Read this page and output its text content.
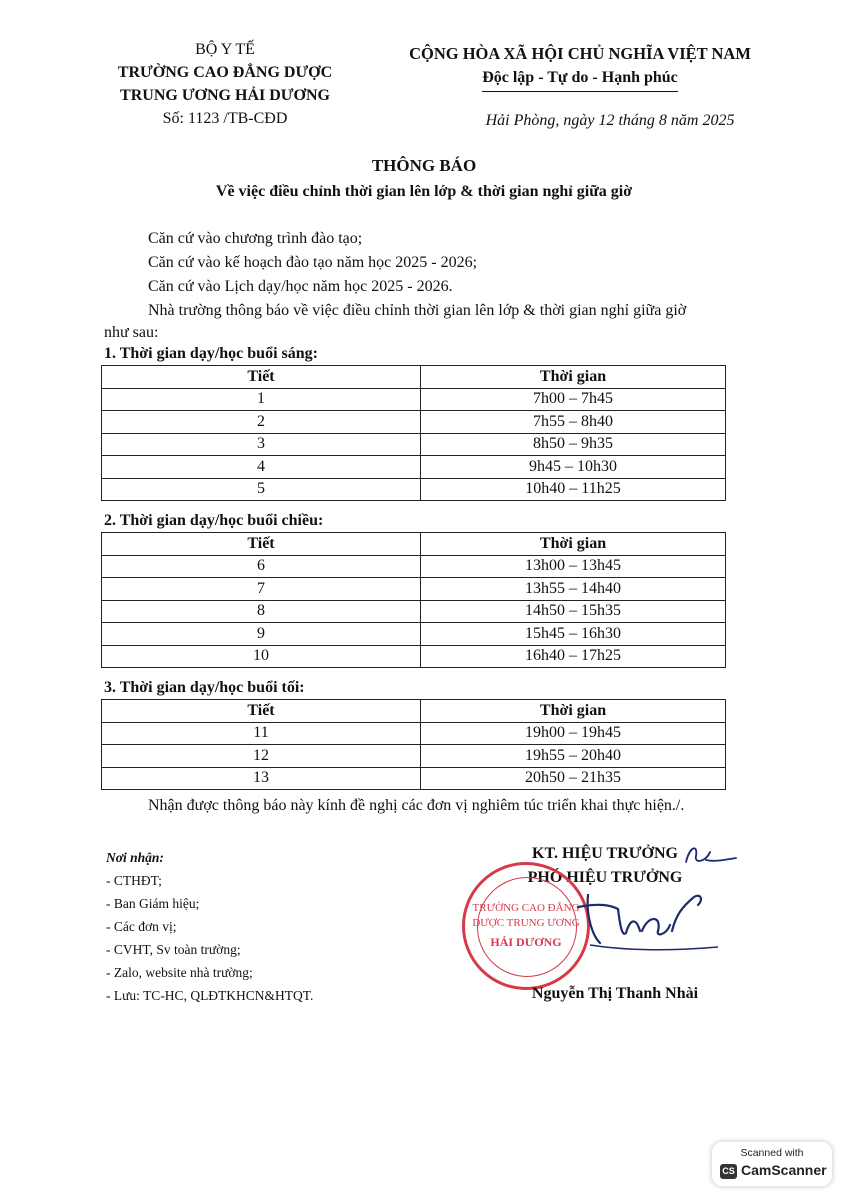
BỘ Y TẾ
TRƯỜNG CAO ĐẲNG DƯỢC
TRUNG ƯƠNG HẢI DƯƠNG
Số: 1123 /TB-CĐD
CỘNG HÒA XÃ HỘI CHỦ NGHĨA VIỆT NAM
Độc lập - Tự do - Hạnh phúc
Hải Phòng, ngày 12 tháng 8 năm 2025
THÔNG BÁO
Về việc điều chỉnh thời gian lên lớp & thời gian nghỉ giữa giờ
Căn cứ vào chương trình đào tạo;
Căn cứ vào kế hoạch đào tạo năm học 2025 - 2026;
Căn cứ vào Lịch dạy/học năm học 2025 - 2026.
Nhà trường thông báo về việc điều chỉnh thời gian lên lớp & thời gian nghỉ giữa giờ
như sau:
1. Thời gian dạy/học buổi sáng:
Tiết	Thời gian
1	7h00 – 7h45
2	7h55 – 8h40
3	8h50 – 9h35
4	9h45 – 10h30
5	10h40 – 11h25
2. Thời gian dạy/học buổi chiều:
Tiết	Thời gian
6	13h00 – 13h45
7	13h55 – 14h40
8	14h50 – 15h35
9	15h45 – 16h30
10	16h40 – 17h25
3. Thời gian dạy/học buổi tối:
Tiết	Thời gian
11	19h00 – 19h45
12	19h55 – 20h40
13	20h50 – 21h35
Nhận được thông báo này kính đề nghị các đơn vị nghiêm túc triển khai thực hiện./.
Nơi nhận:
- CTHĐT;
- Ban Giám hiệu;
- Các đơn vị;
- CVHT, Sv toàn trường;
- Zalo, website nhà trường;
- Lưu: TC-HC, QLĐTKHCN&HTQT.
KT. HIỆU TRƯỞNG
PHÓ HIỆU TRƯỞNG
TRƯỜNG CAO ĐẲNG
DƯỢC TRUNG ƯƠNG
HẢI DƯƠNG
Nguyễn Thị Thanh Nhài
Scanned with
CS CamScanner
